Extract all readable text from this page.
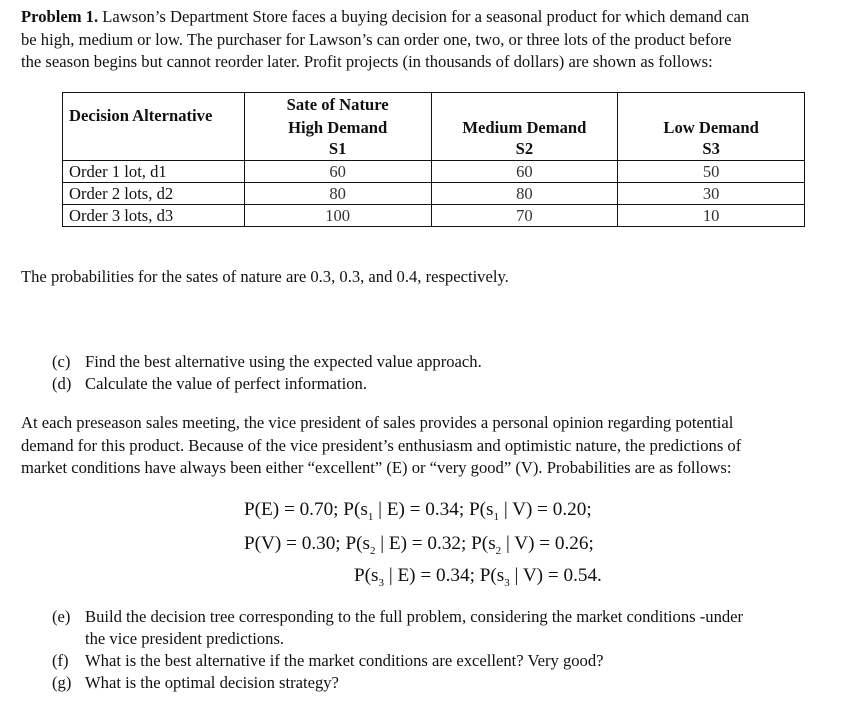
Problem 1. Lawson’s Department Store faces a buying decision for a seasonal product for which demand can
be high, medium or low. The purchaser for Lawson’s can order one, two, or three lots of the product before
the season begins but cannot reorder later. Profit projects (in thousands of dollars) are shown as follows:
Decision Alternative	Sate of Nature		
	High Demand	Medium Demand	Low Demand
	S1	S2	S3
Order 1 lot, d1	60	60	50
Order 2 lots, d2	80	80	30
Order 3 lots, d3	100	70	10
The probabilities for the sates of nature are 0.3, 0.3, and 0.4, respectively.
(c) Find the best alternative using the expected value approach.
(d) Calculate the value of perfect information.
At each preseason sales meeting, the vice president of sales provides a personal opinion regarding potential
demand for this product. Because of the vice president’s enthusiasm and optimistic nature, the predictions of
market conditions have always been either “excellent” (E) or “very good” (V). Probabilities are as follows:
P(E) = 0.70; $P(s_1$ | E) = 0.34; $P(s_1$ | V) = 0.20;
P(V) = 0.30; $P(s_2$ | E) = 0.32; $P(s_2$ | V) = 0.26;
$P(s_3$ | E) = 0.34; $P(s_3$ | V) = 0.54.
(e) Build the decision tree corresponding to the full problem, considering the market conditions -under
the vice president predictions.
(f) What is the best alternative if the market conditions are excellent? Very good?
(g) What is the optimal decision strategy?
